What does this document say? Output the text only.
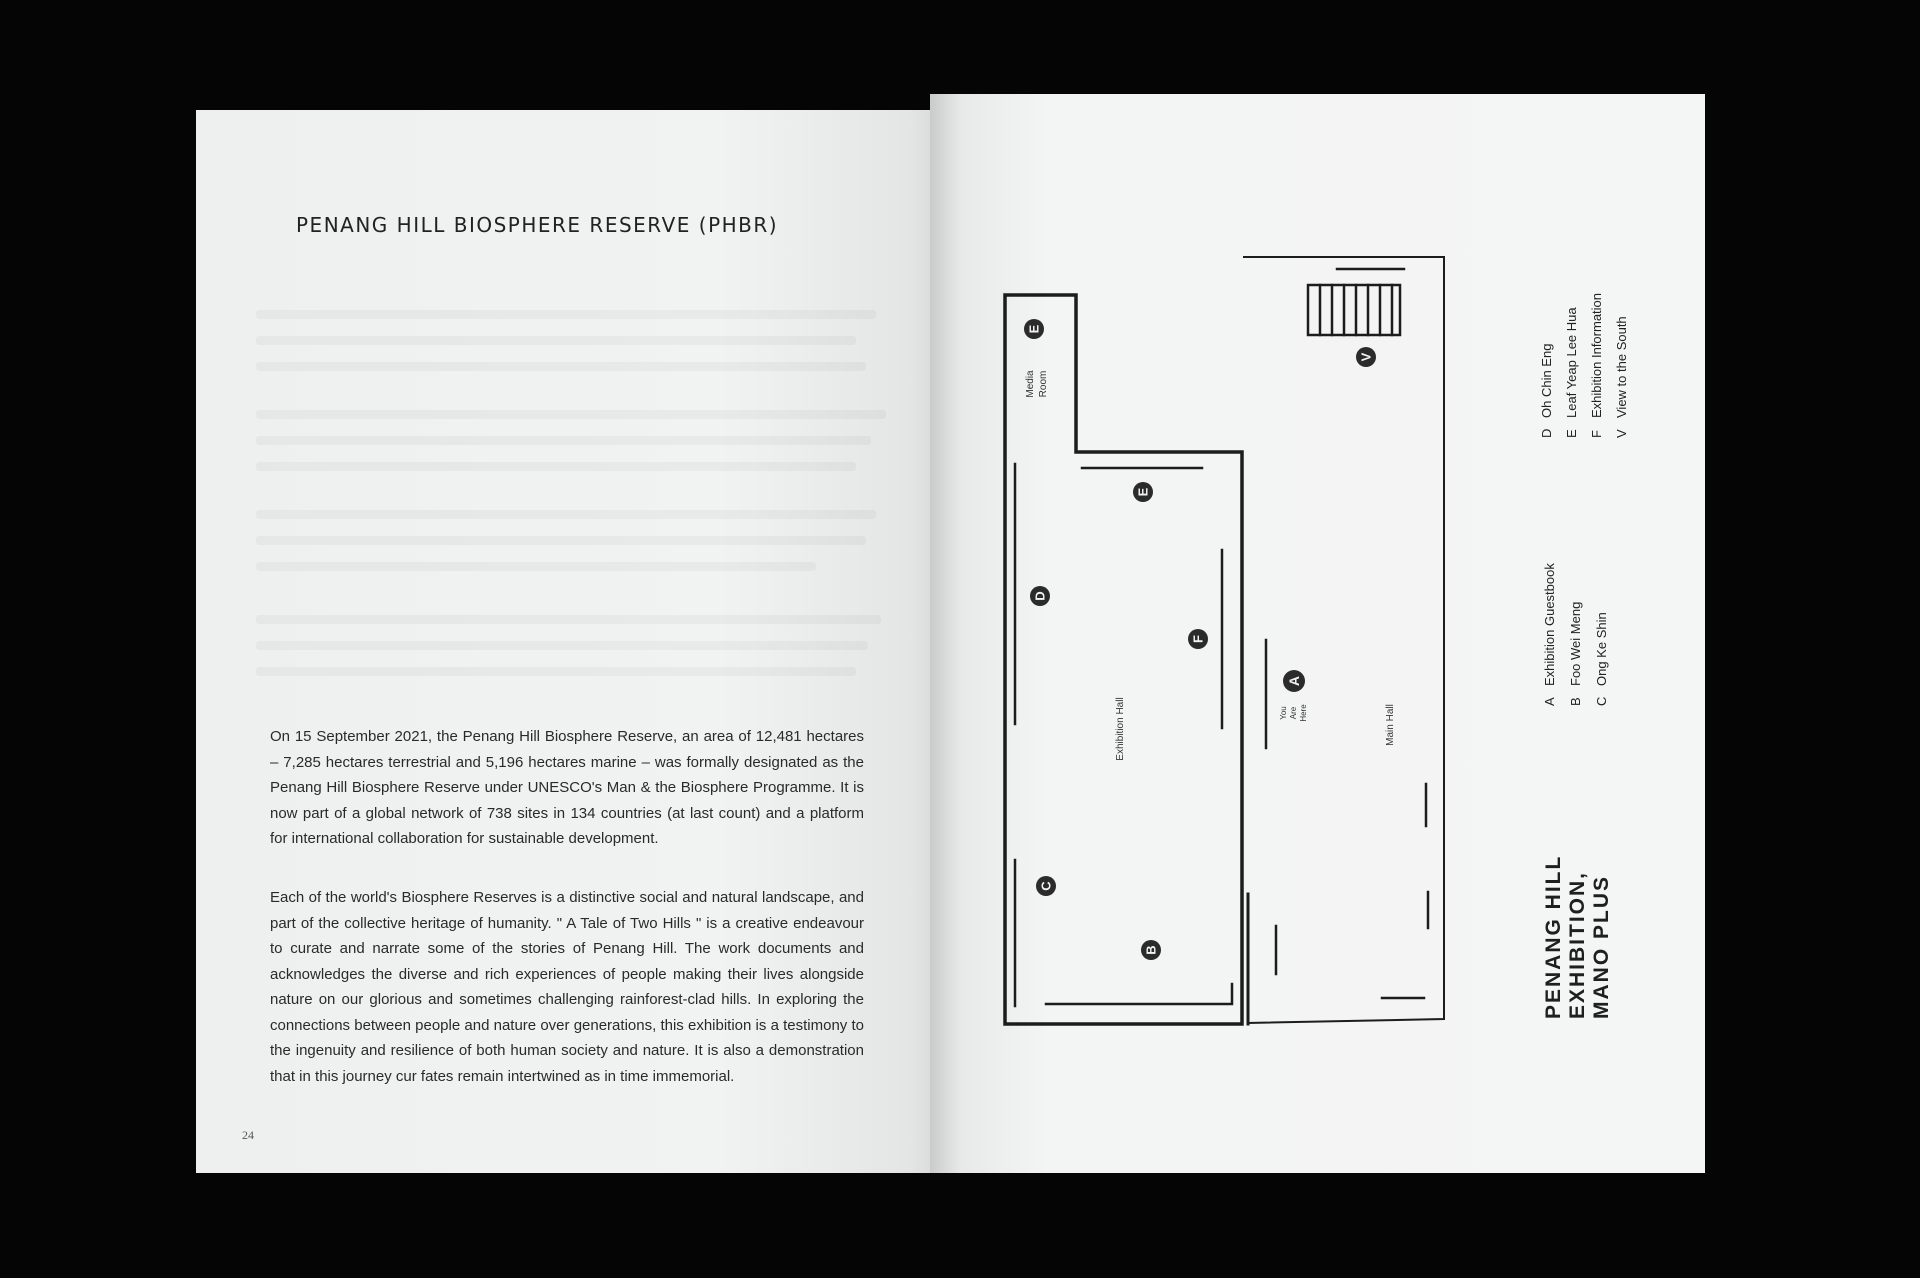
PENANG HILL BIOSPHERE RESERVE (PHBR)

On 15 September 2021, the Penang Hill Biosphere Reserve, an area of 12,481 hectares – 7,285 hectares terrestrial and 5,196 hectares marine – was formally designated as the Penang Hill Biosphere Reserve under UNESCO's Man & the Biosphere Programme. It is now part of a global network of 738 sites in 134 countries (at last count) and a platform for international collaboration for sustainable development.

Each of the world's Biosphere Reserves is a distinctive social and natural landscape, and part of the collective heritage of humanity. " A Tale of Two Hills " is a creative endeavour to curate and narrate some of the stories of Penang Hill. The work documents and acknowledges the diverse and rich experiences of people making their lives alongside nature on our glorious and sometimes challenging rainforest-clad hills. In exploring the connections between people and nature over generations, this exhibition is a testimony to the ingenuity and resilience of both human society and nature. It is also a demonstration that in this journey cur fates remain intertwined as in time immemorial.

24
E
E
D
F
A
V
C
B
Media Room
Exhibition Hall	You Are Here	Main Hall
A
Exhibition Guestbook
B
Foo Wei Meng
C
Ong Ke Shin
D
Oh Chin Eng
E
Leaf Yeap Lee Hua
F
Exhibition Information
V
View to the South
PENANG HILL EXHIBITION, MANO PLUS
